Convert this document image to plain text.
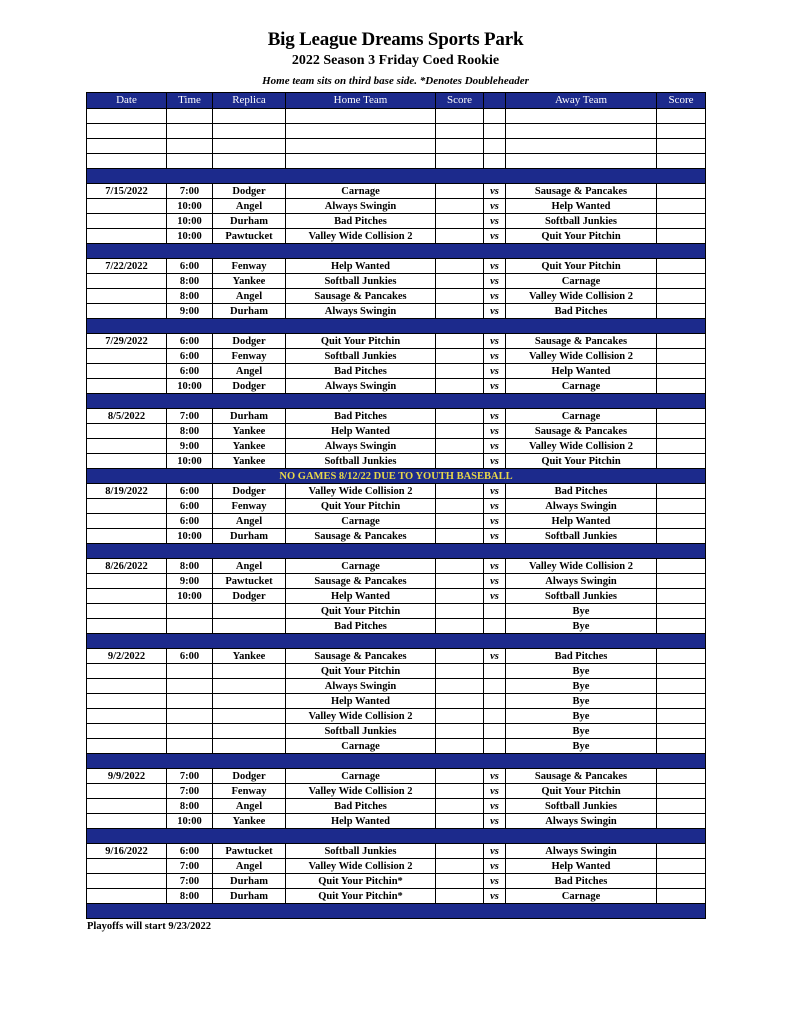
Big League Dreams Sports Park
2022 Season 3 Friday Coed Rookie
Home team sits on third base side. *Denotes Doubleheader
Date	Time	Replica	Home Team	Score		Away Team	Score

7/15/2022	7:00	Dodger	Carnage		vs	Sausage & Pancakes	
	10:00	Angel	Always Swingin		vs	Help Wanted	
	10:00	Durham	Bad Pitches		vs	Softball Junkies	
	10:00	Pawtucket	Valley Wide Collision 2		vs	Quit Your Pitchin	

7/22/2022	6:00	Fenway	Help Wanted		vs	Quit Your Pitchin	
	8:00	Yankee	Softball Junkies		vs	Carnage	
	8:00	Angel	Sausage & Pancakes		vs	Valley Wide Collision 2	
	9:00	Durham	Always Swingin		vs	Bad Pitches	

7/29/2022	6:00	Dodger	Quit Your Pitchin		vs	Sausage & Pancakes	
	6:00	Fenway	Softball Junkies		vs	Valley Wide Collision 2	
	6:00	Angel	Bad Pitches		vs	Help Wanted	
	10:00	Dodger	Always Swingin		vs	Carnage	

8/5/2022	7:00	Durham	Bad Pitches		vs	Carnage	
	8:00	Yankee	Help Wanted		vs	Sausage & Pancakes	
	9:00	Yankee	Always Swingin		vs	Valley Wide Collision 2	
	10:00	Yankee	Softball Junkies		vs	Quit Your Pitchin	
NO GAMES 8/12/22 DUE TO YOUTH BASEBALL							
8/19/2022	6:00	Dodger	Valley Wide Collision 2		vs	Bad Pitches	
	6:00	Fenway	Quit Your Pitchin		vs	Always Swingin	
	6:00	Angel	Carnage		vs	Help Wanted	
	10:00	Durham	Sausage & Pancakes		vs	Softball Junkies	

8/26/2022	8:00	Angel	Carnage		vs	Valley Wide Collision 2	
	9:00	Pawtucket	Sausage & Pancakes		vs	Always Swingin	
	10:00	Dodger	Help Wanted		vs	Softball Junkies	
			Quit Your Pitchin			Bye	
			Bad Pitches			Bye	

9/2/2022	6:00	Yankee	Sausage & Pancakes		vs	Bad Pitches	
			Quit Your Pitchin			Bye	
			Always Swingin			Bye	
			Help Wanted			Bye	
			Valley Wide Collision 2			Bye	
			Softball Junkies			Bye	
			Carnage			Bye	

9/9/2022	7:00	Dodger	Carnage		vs	Sausage & Pancakes	
	7:00	Fenway	Valley Wide Collision 2		vs	Quit Your Pitchin	
	8:00	Angel	Bad Pitches		vs	Softball Junkies	
	10:00	Yankee	Help Wanted		vs	Always Swingin	

9/16/2022	6:00	Pawtucket	Softball Junkies		vs	Always Swingin	
	7:00	Angel	Valley Wide Collision 2		vs	Help Wanted	
	7:00	Durham	Quit Your Pitchin*		vs	Bad Pitches	
	8:00	Durham	Quit Your Pitchin*		vs	Carnage	

Playoffs will start 9/23/2022
